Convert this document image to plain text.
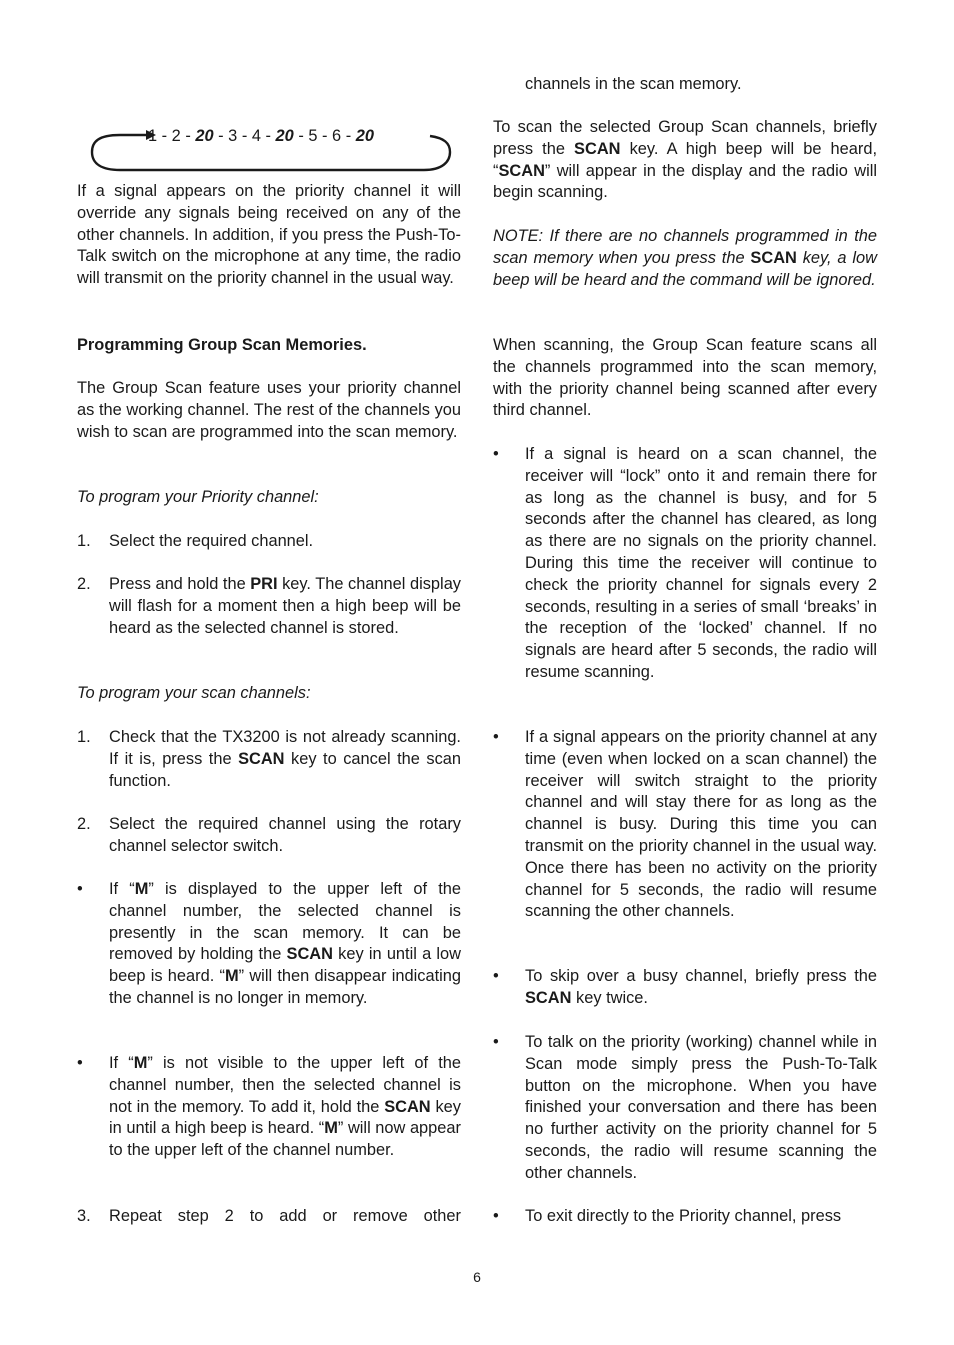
1 - 2 - 20 - 3 - 4 - 20 - 5 - 6 - 20

If a signal appears on the priority channel it will override any signals being received on any of the other channels. In addition, if you press the Push-To-Talk switch on the microphone at any time, the radio will transmit on the priority channel in the usual way.

Programming Group Scan Memories.

The Group Scan feature uses your priority channel as the working channel. The rest of the channels you wish to scan are programmed into the scan memory.

To program your Priority channel:

1. Select the required channel.

2. Press and hold the PRI key. The channel display will flash for a moment then a high beep will be heard as the selected channel is stored.

To program your scan channels:

1. Check that the TX3200 is not already scanning. If it is, press the SCAN key to cancel the scan function.

2. Select the required channel using the rotary channel selector switch.

• If “M” is displayed to the upper left of the channel number, the selected channel is presently in the scan memory. It can be removed by holding the SCAN key in until a low beep is heard. “M” will then disappear indicating the channel is no longer in memory.

• If “M” is not visible to the upper left of the channel number, then the selected channel is not in the memory. To add it, hold the SCAN key in until a high beep is heard. “M” will now appear to the upper left of the channel number.

3. Repeat step 2 to add or remove other

channels in the scan memory.

To scan the selected Group Scan channels, briefly press the SCAN key. A high beep will be heard, “SCAN” will appear in the display and the radio will begin scanning.

NOTE: If there are no channels programmed in the scan memory when you press the SCAN key, a low beep will be heard and the command will be ignored.

When scanning, the Group Scan feature scans all the channels programmed into the scan memory, with the priority channel being scanned after every third channel.

• If a signal is heard on a scan channel, the receiver will “lock” onto it and remain there for as long as the channel is busy, and for 5 seconds after the channel has cleared, as long as there are no signals on the priority channel. During this time the receiver will continue to check the priority channel for signals every 2 seconds, resulting in a series of small ‘breaks’ in the reception of the ‘locked’ channel. If no signals are heard after 5 seconds, the radio will resume scanning.

• If a signal appears on the priority channel at any time (even when locked on a scan channel) the receiver will switch straight to the priority channel and will stay there for as long as the channel is busy. During this time you can transmit on the priority channel in the usual way. Once there has been no activity on the priority channel for 5 seconds, the radio will resume scanning the other channels.

• To skip over a busy channel, briefly press the SCAN key twice.

• To talk on the priority (working) channel while in Scan mode simply press the Push-To-Talk button on the microphone. When you have finished your conversation and there has been no further activity on the priority channel for 5 seconds, the radio will resume scanning the other channels.

• To exit directly to the Priority channel, press

6
